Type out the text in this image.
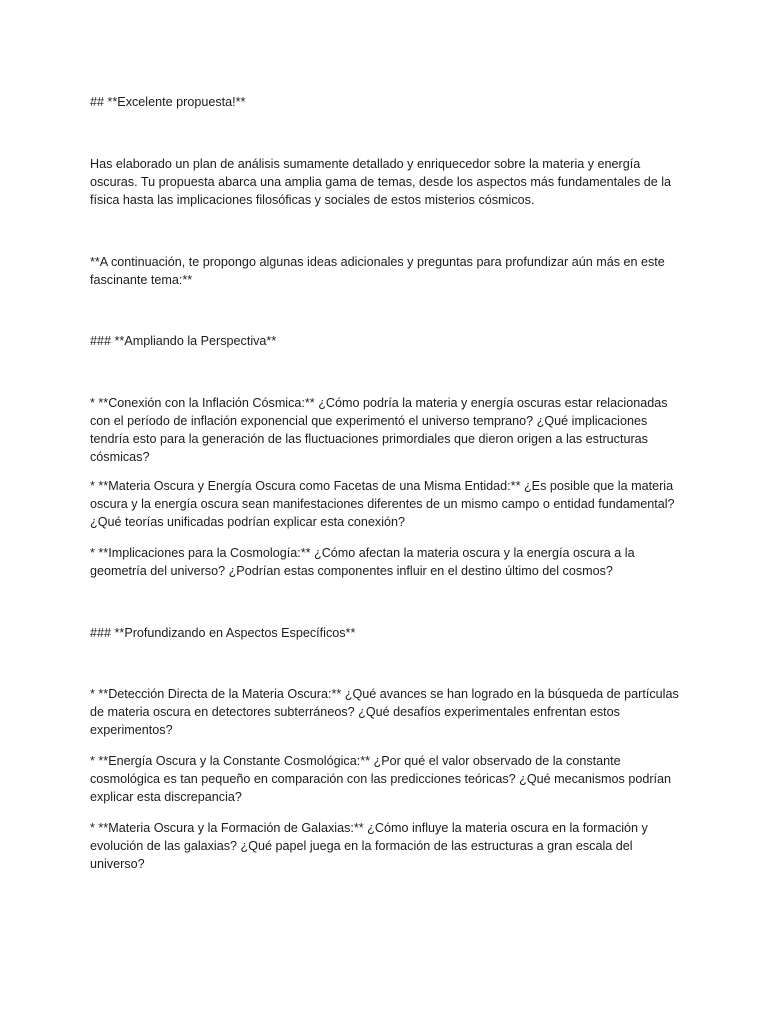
## **Excelente propuesta!**

Has elaborado un plan de análisis sumamente detallado y enriquecedor sobre la materia y energía oscuras. Tu propuesta abarca una amplia gama de temas, desde los aspectos más fundamentales de la física hasta las implicaciones filosóficas y sociales de estos misterios cósmicos.

**A continuación, te propongo algunas ideas adicionales y preguntas para profundizar aún más en este fascinante tema:**

### **Ampliando la Perspectiva**

* **Conexión con la Inflación Cósmica:** ¿Cómo podría la materia y energía oscuras estar relacionadas con el período de inflación exponencial que experimentó el universo temprano? ¿Qué implicaciones tendría esto para la generación de las fluctuaciones primordiales que dieron origen a las estructuras cósmicas?

* **Materia Oscura y Energía Oscura como Facetas de una Misma Entidad:** ¿Es posible que la materia oscura y la energía oscura sean manifestaciones diferentes de un mismo campo o entidad fundamental? ¿Qué teorías unificadas podrían explicar esta conexión?

* **Implicaciones para la Cosmología:** ¿Cómo afectan la materia oscura y la energía oscura a la geometría del universo? ¿Podrían estas componentes influir en el destino último del cosmos?

### **Profundizando en Aspectos Específicos**

* **Detección Directa de la Materia Oscura:** ¿Qué avances se han logrado en la búsqueda de partículas de materia oscura en detectores subterráneos? ¿Qué desafíos experimentales enfrentan estos experimentos?

* **Energía Oscura y la Constante Cosmológica:** ¿Por qué el valor observado de la constante cosmológica es tan pequeño en comparación con las predicciones teóricas? ¿Qué mecanismos podrían explicar esta discrepancia?

* **Materia Oscura y la Formación de Galaxias:** ¿Cómo influye la materia oscura en la formación y evolución de las galaxias? ¿Qué papel juega en la formación de las estructuras a gran escala del universo?
